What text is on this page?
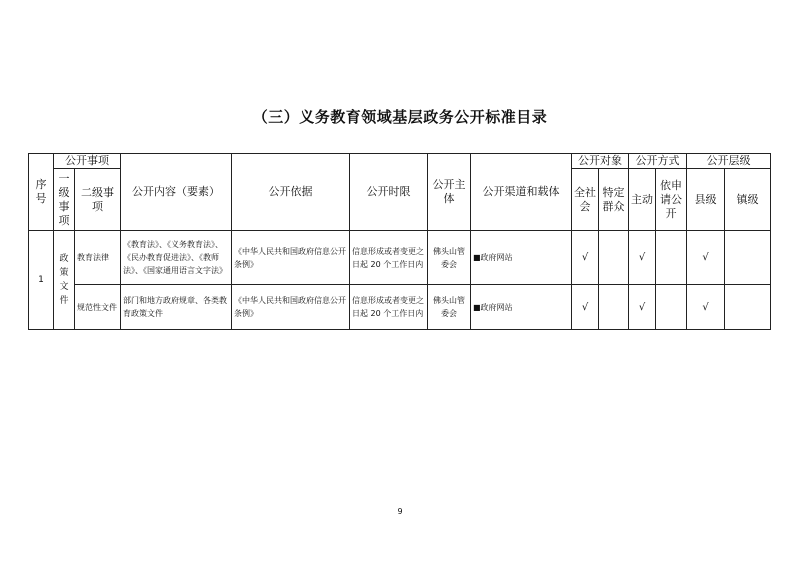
（三）义务教育领域基层政务公开标准目录
序号	公开事项		公开内容（要素）	公开依据	公开时限	公开主体	公开渠道和载体	公开对象		公开方式		公开层级	
	一级事项	二级事项						全社会	特定群众	主动	依申请公开	县级	镇级
1	政策文件	教育法律	《教育法》、《义务教育法》、《民办教育促进法》、《教师法》、《国家通用语言文字法》	《中华人民共和国政府信息公开条例》	信息形成或者变更之日起 20 个工作日内	佛头山管委会	■政府网站	√		√		√	
		规范性文件	部门和地方政府规章、各类教育政策文件	《中华人民共和国政府信息公开条例》	信息形成或者变更之日起 20 个工作日内	佛头山管委会	■政府网站	√		√		√	
9
